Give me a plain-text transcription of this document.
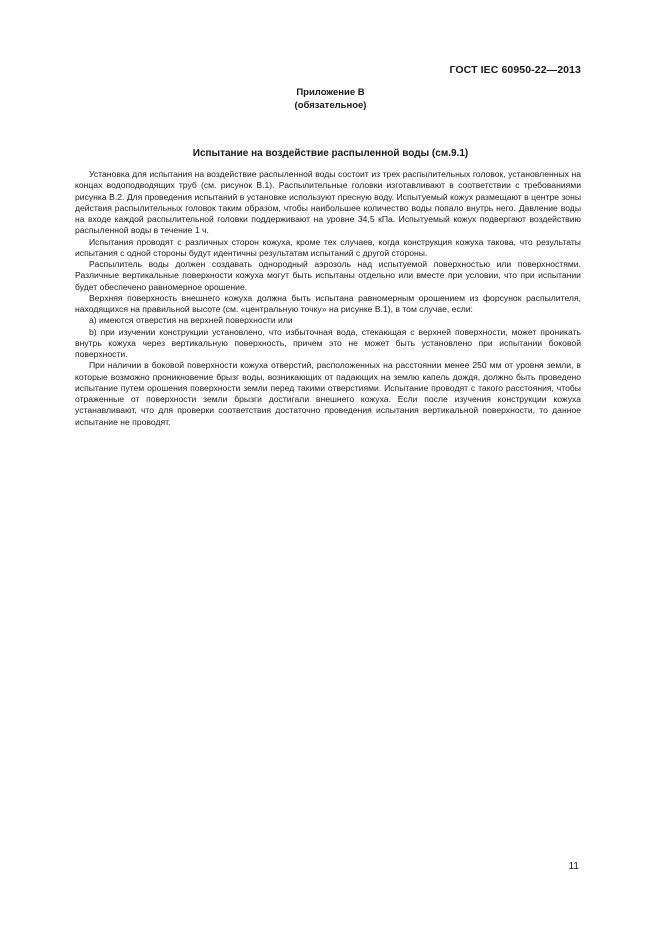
ГОСТ IEC 60950-22—2013
Приложение В
(обязательное)
Испытание на воздействие распыленной воды (см.9.1)

Установка для испытания на воздействие распыленной воды состоит из трех распылительных головок, установленных на концах водоподводящих труб (см. рисунок В.1). Распылительные головки изготавливают в соответствии с требованиями рисунка В.2. Для проведения испытаний в установке используют пресную воду. Испытуемый кожух размещают в центре зоны действия распылительных головок таким образом, чтобы наибольшее количество воды попало внутрь него. Давление воды на входе каждой распылительной головки поддерживают на уровне 34,5 кПа. Испытуемый кожух подвергают воздействию распыленной воды в течение 1 ч.

Испытания проводят с различных сторон кожуха, кроме тех случаев, когда конструкция кожуха такова, что результаты испытания с одной стороны будут идентичны результатам испытаний с другой стороны.

Распылитель воды должен создавать однородный аэрозоль над испытуемой поверхностью или поверхностями. Различные вертикальные поверхности кожуха могут быть испытаны отдельно или вместе при условии, что при испытании будет обеспечено равномерное орошение.

Верхняя поверхность внешнего кожуха должна быть испытана равномерным орошением из форсунок распылителя, находящихся на правильной высоте (см. «центральную точку» на рисунке В.1), в том случае, если:

a) имеются отверстия на верхней поверхности или

b) при изучении конструкции установлено, что избыточная вода, стекающая с верхней поверхности, может проникать внутрь кожуха через вертикальную поверхность, причем это не может быть установлено при испытании боковой поверхности.

При наличии в боковой поверхности кожуха отверстий, расположенных на расстоянии менее 250 мм от уровня земли, в которые возможно проникновение брызг воды, возникающих от падающих на землю капель дождя, должно быть проведено испытание путем орошения поверхности земли перед такими отверстиями. Испытание проводят с такого расстояния, чтобы отраженные от поверхности земли брызги достигали внешнего кожуха. Если после изучения конструкции кожуха устанавливают, что для проверки соответствия достаточно проведения испытания вертикальной поверхности, то данное испытание не проводят.

11
